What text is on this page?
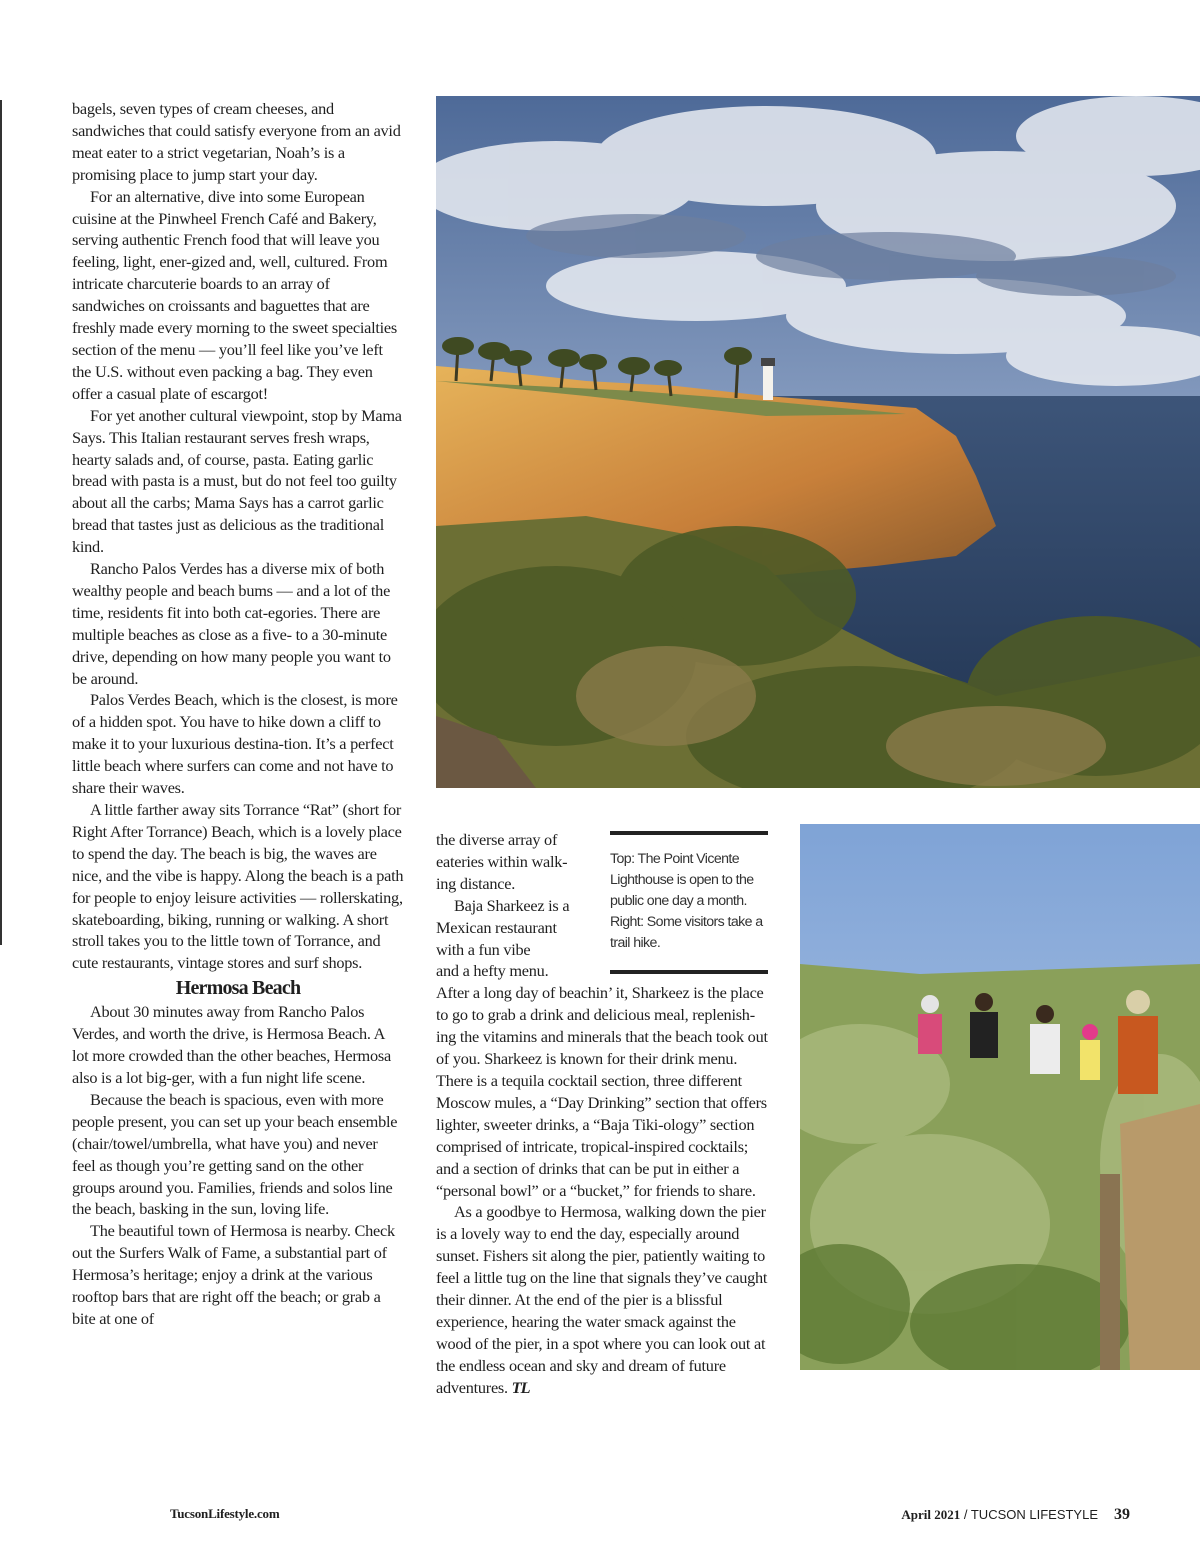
bagels, seven types of cream cheeses, and sandwiches that could satisfy everyone from an avid meat eater to a strict vegetarian, Noah’s is a promising place to jump start your day.

For an alternative, dive into some European cuisine at the Pinwheel French Café and Bakery, serving authentic French food that will leave you feeling, light, ener-gized and, well, cultured. From intricate charcuterie boards to an array of sandwiches on croissants and baguettes that are freshly made every morning to the sweet specialties section of the menu — you’ll feel like you’ve left the U.S. without even packing a bag. They even offer a casual plate of escargot!

For yet another cultural viewpoint, stop by Mama Says. This Italian restaurant serves fresh wraps, hearty salads and, of course, pasta. Eating garlic bread with pasta is a must, but do not feel too guilty about all the carbs; Mama Says has a carrot garlic bread that tastes just as delicious as the traditional kind.

Rancho Palos Verdes has a diverse mix of both wealthy people and beach bums — and a lot of the time, residents fit into both cat-egories. There are multiple beaches as close as a five- to a 30-minute drive, depending on how many people you want to be around.

Palos Verdes Beach, which is the closest, is more of a hidden spot. You have to hike down a cliff to make it to your luxurious destina-tion. It’s a perfect little beach where surfers can come and not have to share their waves.

A little farther away sits Torrance “Rat” (short for Right After Torrance) Beach, which is a lovely place to spend the day. The beach is big, the waves are nice, and the vibe is happy. Along the beach is a path for people to enjoy leisure activities — rollerskating, skateboarding, biking, running or walking. A short stroll takes you to the little town of Torrance, and cute restaurants, vintage stores and surf shops.

Hermosa Beach

About 30 minutes away from Rancho Palos Verdes, and worth the drive, is Hermosa Beach. A lot more crowded than the other beaches, Hermosa also is a lot big-ger, with a fun night life scene.

Because the beach is spacious, even with more people present, you can set up your beach ensemble (chair/towel/umbrella, what have you) and never feel as though you’re getting sand on the other groups around you. Families, friends and solos line the beach, basking in the sun, loving life.

The beautiful town of Hermosa is nearby. Check out the Surfers Walk of Fame, a substantial part of Hermosa’s heritage; enjoy a drink at the various rooftop bars that are right off the beach; or grab a bite at one of

the diverse array of
eateries within walk-
ing distance.

Baja Sharkeez is a
Mexican restaurant
with a fun vibe
and a hefty menu.
After a long day of beachin’ it, Sharkeez is the place to go to grab a drink and delicious meal, replenish-ing the vitamins and minerals that the beach took out of you. Sharkeez is known for their drink menu. There is a tequila cocktail section, three different Moscow mules, a “Day Drinking” section that offers lighter, sweeter drinks, a “Baja Tiki-ology” section comprised of intricate, tropical-inspired cocktails; and a section of drinks that can be put in either a “personal bowl” or a “bucket,” for friends to share.

As a goodbye to Hermosa, walking down the pier is a lovely way to end the day, especially around sunset. Fishers sit along the pier, patiently waiting to feel a little tug on the line that signals they’ve caught their dinner. At the end of the pier is a blissful experience, hearing the water smack against the wood of the pier, in a spot where you can look out at the endless ocean and sky and dream of future adventures. TL

Top: The Point Vicente Lighthouse is open to the public one day a month. Right: Some visitors take a trail hike.
TucsonLifestyle.com	April 2021 / TUCSON LIFESTYLE 39
